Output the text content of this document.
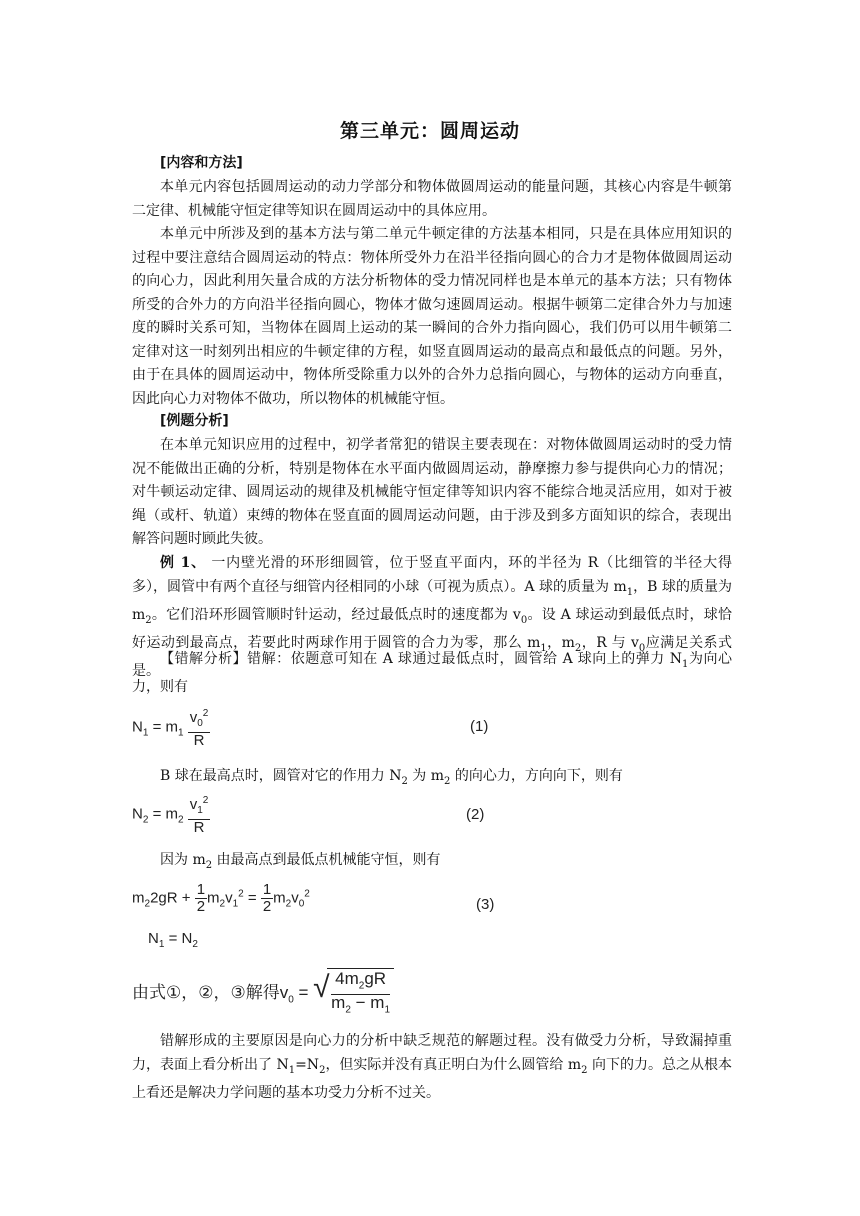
第三单元：圆周运动
[内容和方法]
本单元内容包括圆周运动的动力学部分和物体做圆周运动的能量问题，其核心内容是牛顿第二定律、机械能守恒定律等知识在圆周运动中的具体应用。
本单元中所涉及到的基本方法与第二单元牛顿定律的方法基本相同，只是在具体应用知识的过程中要注意结合圆周运动的特点：物体所受外力在沿半径指向圆心的合力才是物体做圆周运动的向心力，因此利用矢量合成的方法分析物体的受力情况同样也是本单元的基本方法；只有物体所受的合外力的方向沿半径指向圆心，物体才做匀速圆周运动。根据牛顿第二定律合外力与加速度的瞬时关系可知，当物体在圆周上运动的某一瞬间的合外力指向圆心，我们仍可以用牛顿第二定律对这一时刻列出相应的牛顿定律的方程，如竖直圆周运动的最高点和最低点的问题。另外，由于在具体的圆周运动中，物体所受除重力以外的合外力总指向圆心，与物体的运动方向垂直，因此向心力对物体不做功，所以物体的机械能守恒。
[例题分析]
在本单元知识应用的过程中，初学者常犯的错误主要表现在：对物体做圆周运动时的受力情况不能做出正确的分析，特别是物体在水平面内做圆周运动，静摩擦力参与提供向心力的情况；对牛顿运动定律、圆周运动的规律及机械能守恒定律等知识内容不能综合地灵活应用，如对于被绳（或杆、轨道）束缚的物体在竖直面的圆周运动问题，由于涉及到多方面知识的综合，表现出解答问题时顾此失彼。
例 1、 一内壁光滑的环形细圆管，位于竖直平面内，环的半径为 R（比细管的半径大得多），圆管中有两个直径与细管内径相同的小球（可视为质点）。A 球的质量为 $m_1$，B 球的质量为 $m_2$。它们沿环形圆管顺时针运动，经过最低点时的速度都为 $v_0$。设 A 球运动到最低点时，球恰好运动到最高点，若要此时两球作用于圆管的合力为零，那么 $m_1$，$m_2$，R 与 $v_0$应满足关系式是。
【错解分析】错解：依题意可知在 A 球通过最低点时，圆管给 A 球向上的弹力 $N_1$为向心力，则有
$N_1 = m_1 \frac{v_0^2}{R}$	(1)
B 球在最高点时，圆管对它的作用力 $N_2$ 为 $m_2$ 的向心力，方向向下，则有
$N_2 = m_2 \frac{v_1^2}{R}$	(2)
因为 $m_2$ 由最高点到最低点机械能守恒，则有
$m_22gR + \frac{1}{2} m_2v_1^2 = \frac{1}{2} m_2v_0^2$
(3)
$N_1 = N_2$
由式①，②，③解得$v_0$ = √ $\frac{4m_2gR}{m_2 - m_1}$
错解形成的主要原因是向心力的分析中缺乏规范的解题过程。没有做受力分析，导致漏掉重力，表面上看分析出了 $N_1=N_2$，但实际并没有真正明白为什么圆管给 $m_2$ 向下的力。总之从根本上看还是解决力学问题的基本功受力分析不过关。
